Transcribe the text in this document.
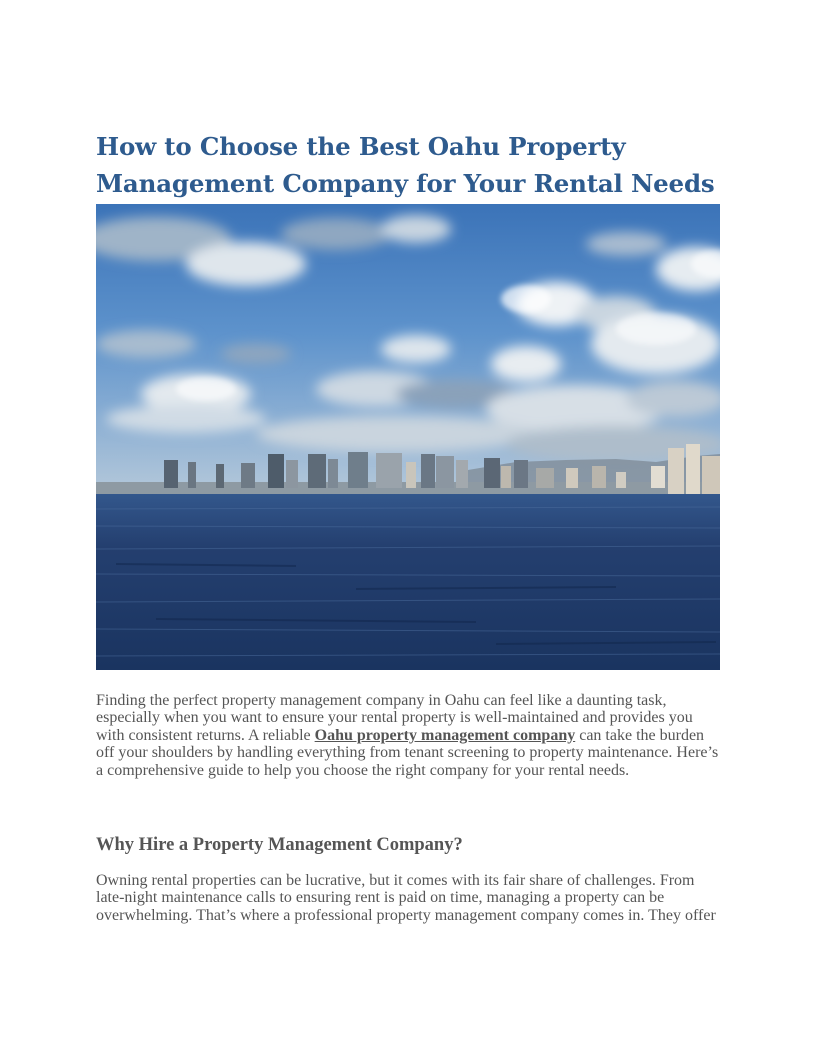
How to Choose the Best Oahu Property Management Company for Your Rental Needs

Finding the perfect property management company in Oahu can feel like a daunting task, especially when you want to ensure your rental property is well-maintained and provides you with consistent returns. A reliable Oahu property management company can take the burden off your shoulders by handling everything from tenant screening to property maintenance. Here’s a comprehensive guide to help you choose the right company for your rental needs.

Why Hire a Property Management Company?

Owning rental properties can be lucrative, but it comes with its fair share of challenges. From late-night maintenance calls to ensuring rent is paid on time, managing a property can be overwhelming. That’s where a professional property management company comes in. They offer
